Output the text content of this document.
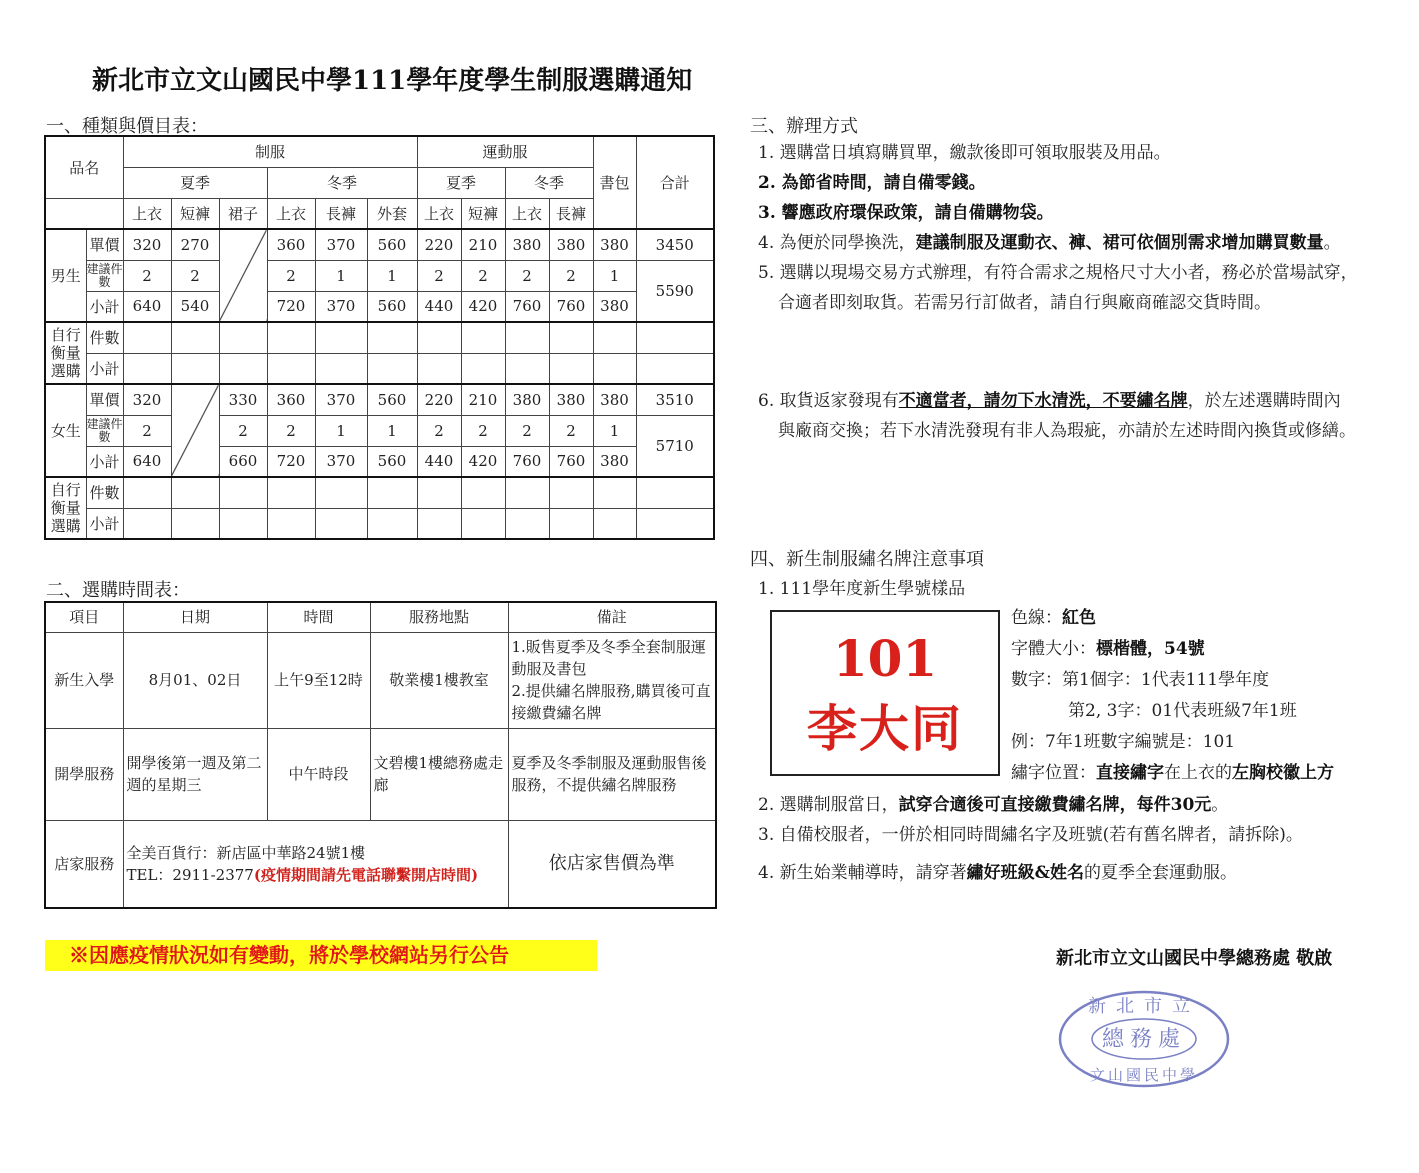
新北市立文山國民中學111學年度學生制服選購通知
一、種類與價目表：
品名		制服						運動服				書包	合計
		夏季			冬季			夏季		冬季			
		上衣	短褲	裙子	上衣	長褲	外套	上衣	短褲	上衣	長褲		
男生	單價	320	270		360	370	560	220	210	380	380	380	3450
	建議件數	2	2		2	1	1	2	2	2	2	1	5590
	小計	640	540		720	370	560	440	420	760	760	380	
自行衡量選購	件數												
	小計												
女生	單價	320		330	360	370	560	220	210	380	380	380	3510
	建議件數	2		2	2	1	1	2	2	2	2	1	5710
	小計	640		660	720	370	560	440	420	760	760	380	
自行衡量選購	件數												
	小計												
二、選購時間表：
項目	日期	時間	服務地點	備註
新生入學	8月01、02日	上午9至12時	敬業樓1樓教室	1.販售夏季及冬季全套制服運動服及書包
2.提供繡名牌服務,購買後可直接繳費繡名牌

開學服務	開學後第一週及第二週的星期三	中午時段	文碧樓1樓總務處走廊	夏季及冬季制服及運動服售後服務，不提供繡名牌服務
店家服務	全美百貨行：新店區中華路24號1樓
TEL：2911-2377(疫情期間請先電話聯繫開店時間)			依店家售價為準
三、辦理方式
1. 選購當日填寫購買單，繳款後即可領取服裝及用品。
2. 為節省時間，請自備零錢。
3. 響應政府環保政策，請自備購物袋。
4. 為便於同學換洗，建議制服及運動衣、褲、裙可依個別需求增加購買數量。
5. 選購以現場交易方式辦理，有符合需求之規格尺寸大小者，務必於當場試穿，
合適者即刻取貨。若需另行訂做者，請自行與廠商確認交貨時間。
6. 取貨返家發現有不適當者，請勿下水清洗，不要繡名牌，於左述選購時間內
與廠商交換；若下水清洗發現有非人為瑕疵，亦請於左述時間內換貨或修繕。
四、新生制服繡名牌注意事項
1. 111學年度新生學號樣品
101
李大同
色線：紅色
字體大小：標楷體，54號
數字：第1個字：1代表111學年度
第2, 3字：01代表班級7年1班
例：7年1班數字編號是：101
繡字位置：直接繡字在上衣的左胸校徽上方
2. 選購制服當日，試穿合適後可直接繳費繡名牌，每件30元。
3. 自備校服者，一併於相同時間繡名字及班號(若有舊名牌者，請拆除)。
4. 新生始業輔導時，請穿著繡好班級&姓名的夏季全套運動服。
※因應疫情狀況如有變動，將於學校網站另行公告	新北市立文山國民中學總務處 敬啟
新北市立
總務處
文山國民中學
